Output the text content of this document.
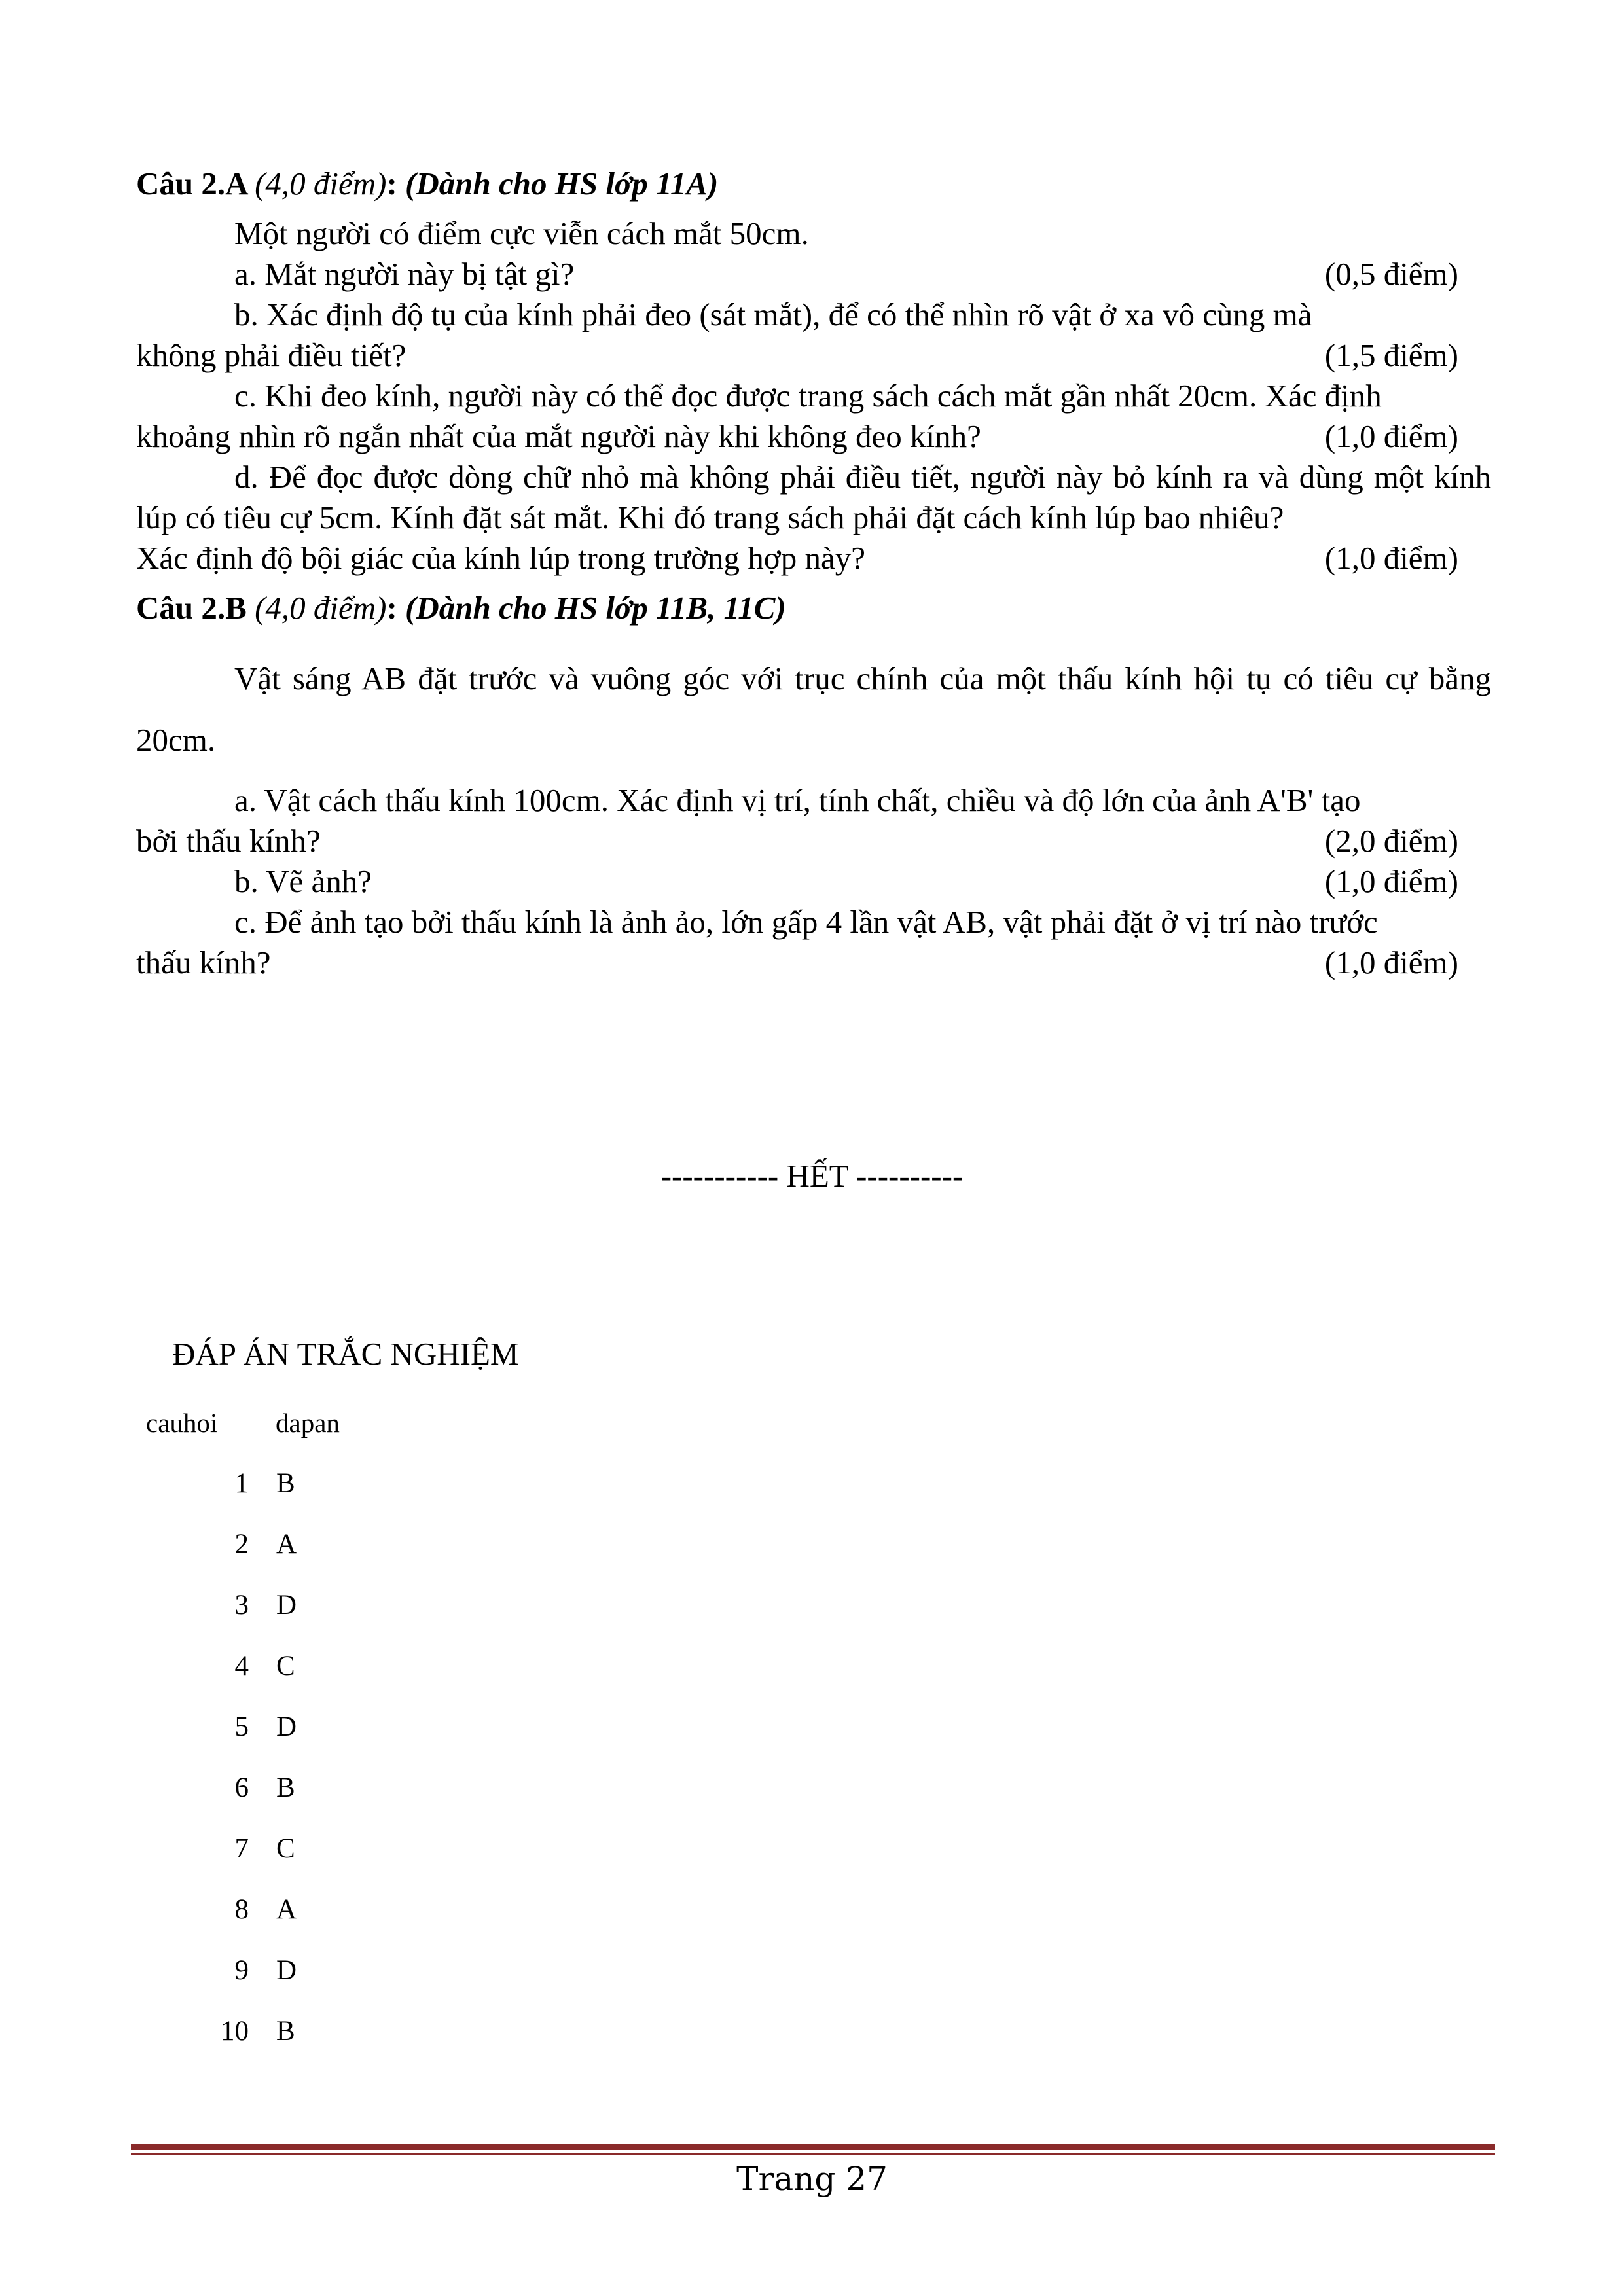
Câu 2.A (4,0 điểm): (Dành cho HS lớp 11A)

Một người có điểm cực viễn cách mắt 50cm.

a. Mắt người này bị tật gì?	(0,5 điểm)

b. Xác định độ tụ của kính phải đeo (sát mắt), để có thể nhìn rõ vật ở xa vô cùng mà

không phải điều tiết?	(1,5 điểm)

c. Khi đeo kính, người này có thể đọc được trang sách cách mắt gần nhất 20cm. Xác định

khoảng nhìn rõ ngắn nhất của mắt người này khi không đeo kính?	(1,0 điểm)

d. Để đọc được dòng chữ nhỏ mà không phải điều tiết, người này bỏ kính ra và dùng một kính lúp có tiêu cự 5cm. Kính đặt sát mắt. Khi đó trang sách phải đặt cách kính lúp bao nhiêu?

Xác định độ bội giác của kính lúp trong trường hợp này?	(1,0 điểm)

Câu 2.B (4,0 điểm): (Dành cho HS lớp 11B, 11C)

Vật sáng AB đặt trước và vuông góc với trục chính của một thấu kính hội tụ có tiêu cự bằng 20cm.

a. Vật cách thấu kính 100cm. Xác định vị trí, tính chất, chiều và độ lớn của ảnh A'B' tạo

bởi thấu kính?	(2,0 điểm)
b. Vẽ ảnh?	(1,0 điểm)

c. Để ảnh tạo bởi thấu kính là ảnh ảo, lớn gấp 4 lần vật AB, vật phải đặt ở vị trí nào trước

thấu kính?	(1,0 điểm)
----------- HẾT ----------
ĐÁP ÁN TRẮC NGHIỆM
cauhoi dapan
1 B
2 A
3 D
4 C
5 D
6 B
7 C
8 A
9 D
10 B
Trang 27
